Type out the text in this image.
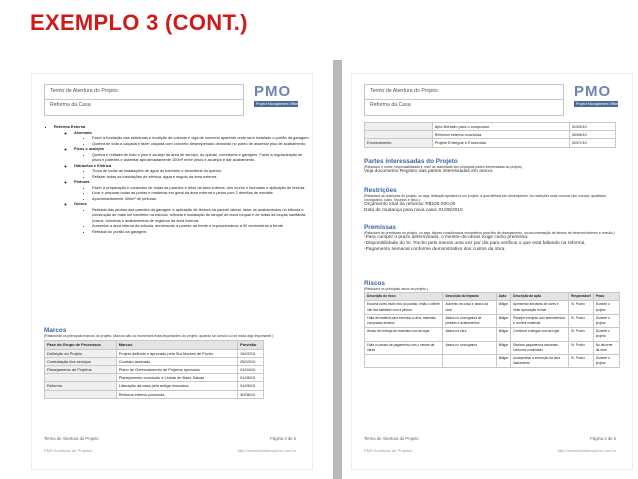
EXEMPLO 3 (CONT.)
Termo de Abertura do Projeto
Reforma da Casa
PMO
Project Management Office
▪ Reforma Externa
◦ Alvenaria
• Fazer a fundação das estruturas e fundição de colunas e viga de concreto aparente onde será instalado o portão da garagem.
• Quebra de toda a calçada e fazer calçada com concreto desempenado deixando no ponto de assentar piso de acabamento.
◦ Pisos e azulejos
• Quebra e retirada de todo o piso e azulejo da área de serviço, do quintal, corredores e garagem. Fazer a regularização de pisos e paredes e assentar aproximadamente 100m² entre pisos e azulejos e dar acabamento.
◦ Hidráulica e Elétrica
• Troca de todas as instalações de água do banheiro e lavanderia do quintal.
• Refazer todas as instalações de elétrica, água e esgoto da área externa.
◦ Pinturas
• Fazer a preparação e consertos de todas as paredes e tetos da área externa, dos muros e fachadas e aplicação de textura.
• Lixar e preparar todas as portas e madeiras em geral da área externa e pintar com 2 demãos de esmalte.
• Aproximadamente 300m² de pinturas.
◦ Outros
• Retirada das pedras das paredes da garagem e aplicação de textura na parede lateral; fazer os acabamentos no edícula e construção de mais um banheiro na edícula, retirada e instalação do tanque de lavar roupas e de todas as louças sanitárias (vasos, torneiras e acabamentos de registros da área externa.
• Aumentar a área interna da edícula, derrubando a parede da frente e reposicionando a 90 centímetros à frente.
• Retirada do portão da garagem.
Marcos
(Relacionar os principais marcos do projeto. Marcos são os momentos mais importantes do projeto, quando se conclui ou se inicia algo importante.)
Fase do Grupo de Processos	Marcos	Previsão
Definição do Projeto	Projeto definido e aprovado pela Sra Montes de Pocho	15/02/10
Contratação dos serviços	Contrato assinado	25/03/10
Planejamento de Projetos	Plano de Gerenciamento de Projetos aprovado	01/04/10
	Planejamento concluído e Linhas de Base Salvas	01/05/10
Reforma	Liberação da casa pela antiga moradora	31/05/10
	Reforma interna concluída	30/06/10
Termo de Abertura do Projeto	Página 3 de 5
PMO Escritório de Projetos	http://escritoriodeprojetos.com.br
Termo de Abertura do Projeto
Reforma da Casa
PMO
Project Management Office
	Apto liberado para o comprador	31/05/10
	Reforma externa concluída	30/06/10
Encerramento	Projeto Entregue e Encerrado	02/07/10
Partes interessadas do Projeto
(Relacione o nome, responsabilidade e nível de autoridade dos principais partes interessadas ao projeto)
Veja documento Registro das partes interessadas em anexo.
Restrições
(Relacione as restrições do projeto, ou seja, limitação aplicável a um projeto, a qual afetará seu desempenho. As restrições mais comuns são: escopo, qualidade, cronograma, custo, recursos e risco.)
Orçamento total da reforma: R$100.000,00
Data de mudança para nova casa: 01/08/2010
Premissas
(Relacione as premissas do projeto, ou seja, fatores considerados verdadeiros para fins de planejamento, na documentação de fatores de desenvolvimento e revisão.)
-Para cumprir o prazo determinado, o mestre-de-obras exige como premissa:
-Disponibilidade do Sr. Pocho pelo menos uma vez por dia para verificar o que está faltando na reforma.
-Pagamento semanal conforme demonstrativo dos custos da obra.
Riscos
(Relacione os principais riscos do projeto.)
Descrição do risco	Descrição do Impacto	Ação	Descrição da ação	Responsável	Prazo
Escolha cores muito fora do padrão, então o cliente não fica satisfeito com a pintura	Aumento de custo e atraso da obra	Mitigar	Apresentar amostras de cores e obter aprovação formal	Sr. Pocho	Durante o projeto
Falta de material para executar a obra, materiais comprados errados	Atraso no cronograma de pinturas e acabamentos	Mitigar	Planejar compras com antecedência e conferir materiais	Sr. Pocho	Durante o projeto
Atraso de entrega de materiais com as lojas	Atraso na obra	Mitigar	Confirmar entregas com as lojas	Sr. Pocho	Durante o projeto
Falta ou atraso de pagamento com o mestre-de-obras	Atraso no cronograma	Mitigar	Realizar pagamentos semanais conforme combinado	Sr. Pocho	No decorrer da obra
		Mitigar	Acompanhar a execução da obra diariamente	Sr. Pocho	Durante o projeto
Termo de Abertura do Projeto	Página 4 de 5
PMO Escritório de Projetos	http://escritoriodeprojetos.com.br
